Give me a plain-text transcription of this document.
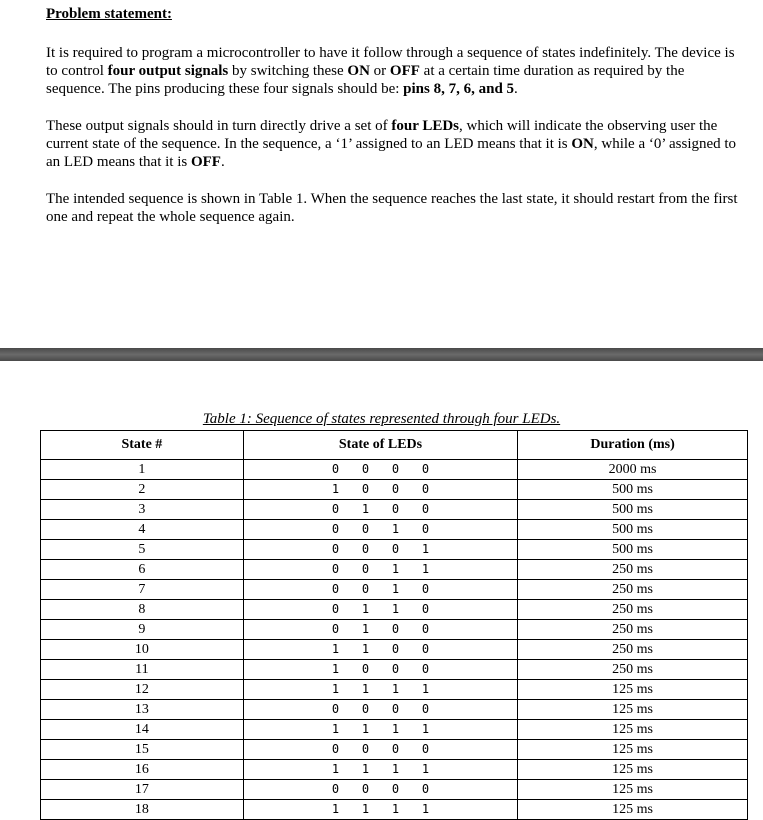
Problem statement:
It is required to program a microcontroller to have it follow through a sequence of states indefinitely. The device is to control four output signals by switching these ON or OFF at a certain time duration as required by the sequence. The pins producing these four signals should be: pins 8, 7, 6, and 5.
These output signals should in turn directly drive a set of four LEDs, which will indicate the observing user the current state of the sequence. In the sequence, a ‘1’ assigned to an LED means that it is ON, while a ‘0’ assigned to an LED means that it is OFF.
The intended sequence is shown in Table 1. When the sequence reaches the last state, it should restart from the first one and repeat the whole sequence again.
Table 1: Sequence of states represented through four LEDs.
State #	State of LEDs	Duration (ms)
1	0 0 0 0	2000 ms
2	1 0 0 0	500 ms
3	0 1 0 0	500 ms
4	0 0 1 0	500 ms
5	0 0 0 1	500 ms
6	0 0 1 1	250 ms
7	0 0 1 0	250 ms
8	0 1 1 0	250 ms
9	0 1 0 0	250 ms
10	1 1 0 0	250 ms
11	1 0 0 0	250 ms
12	1 1 1 1	125 ms
13	0 0 0 0	125 ms
14	1 1 1 1	125 ms
15	0 0 0 0	125 ms
16	1 1 1 1	125 ms
17	0 0 0 0	125 ms
18	1 1 1 1	125 ms
